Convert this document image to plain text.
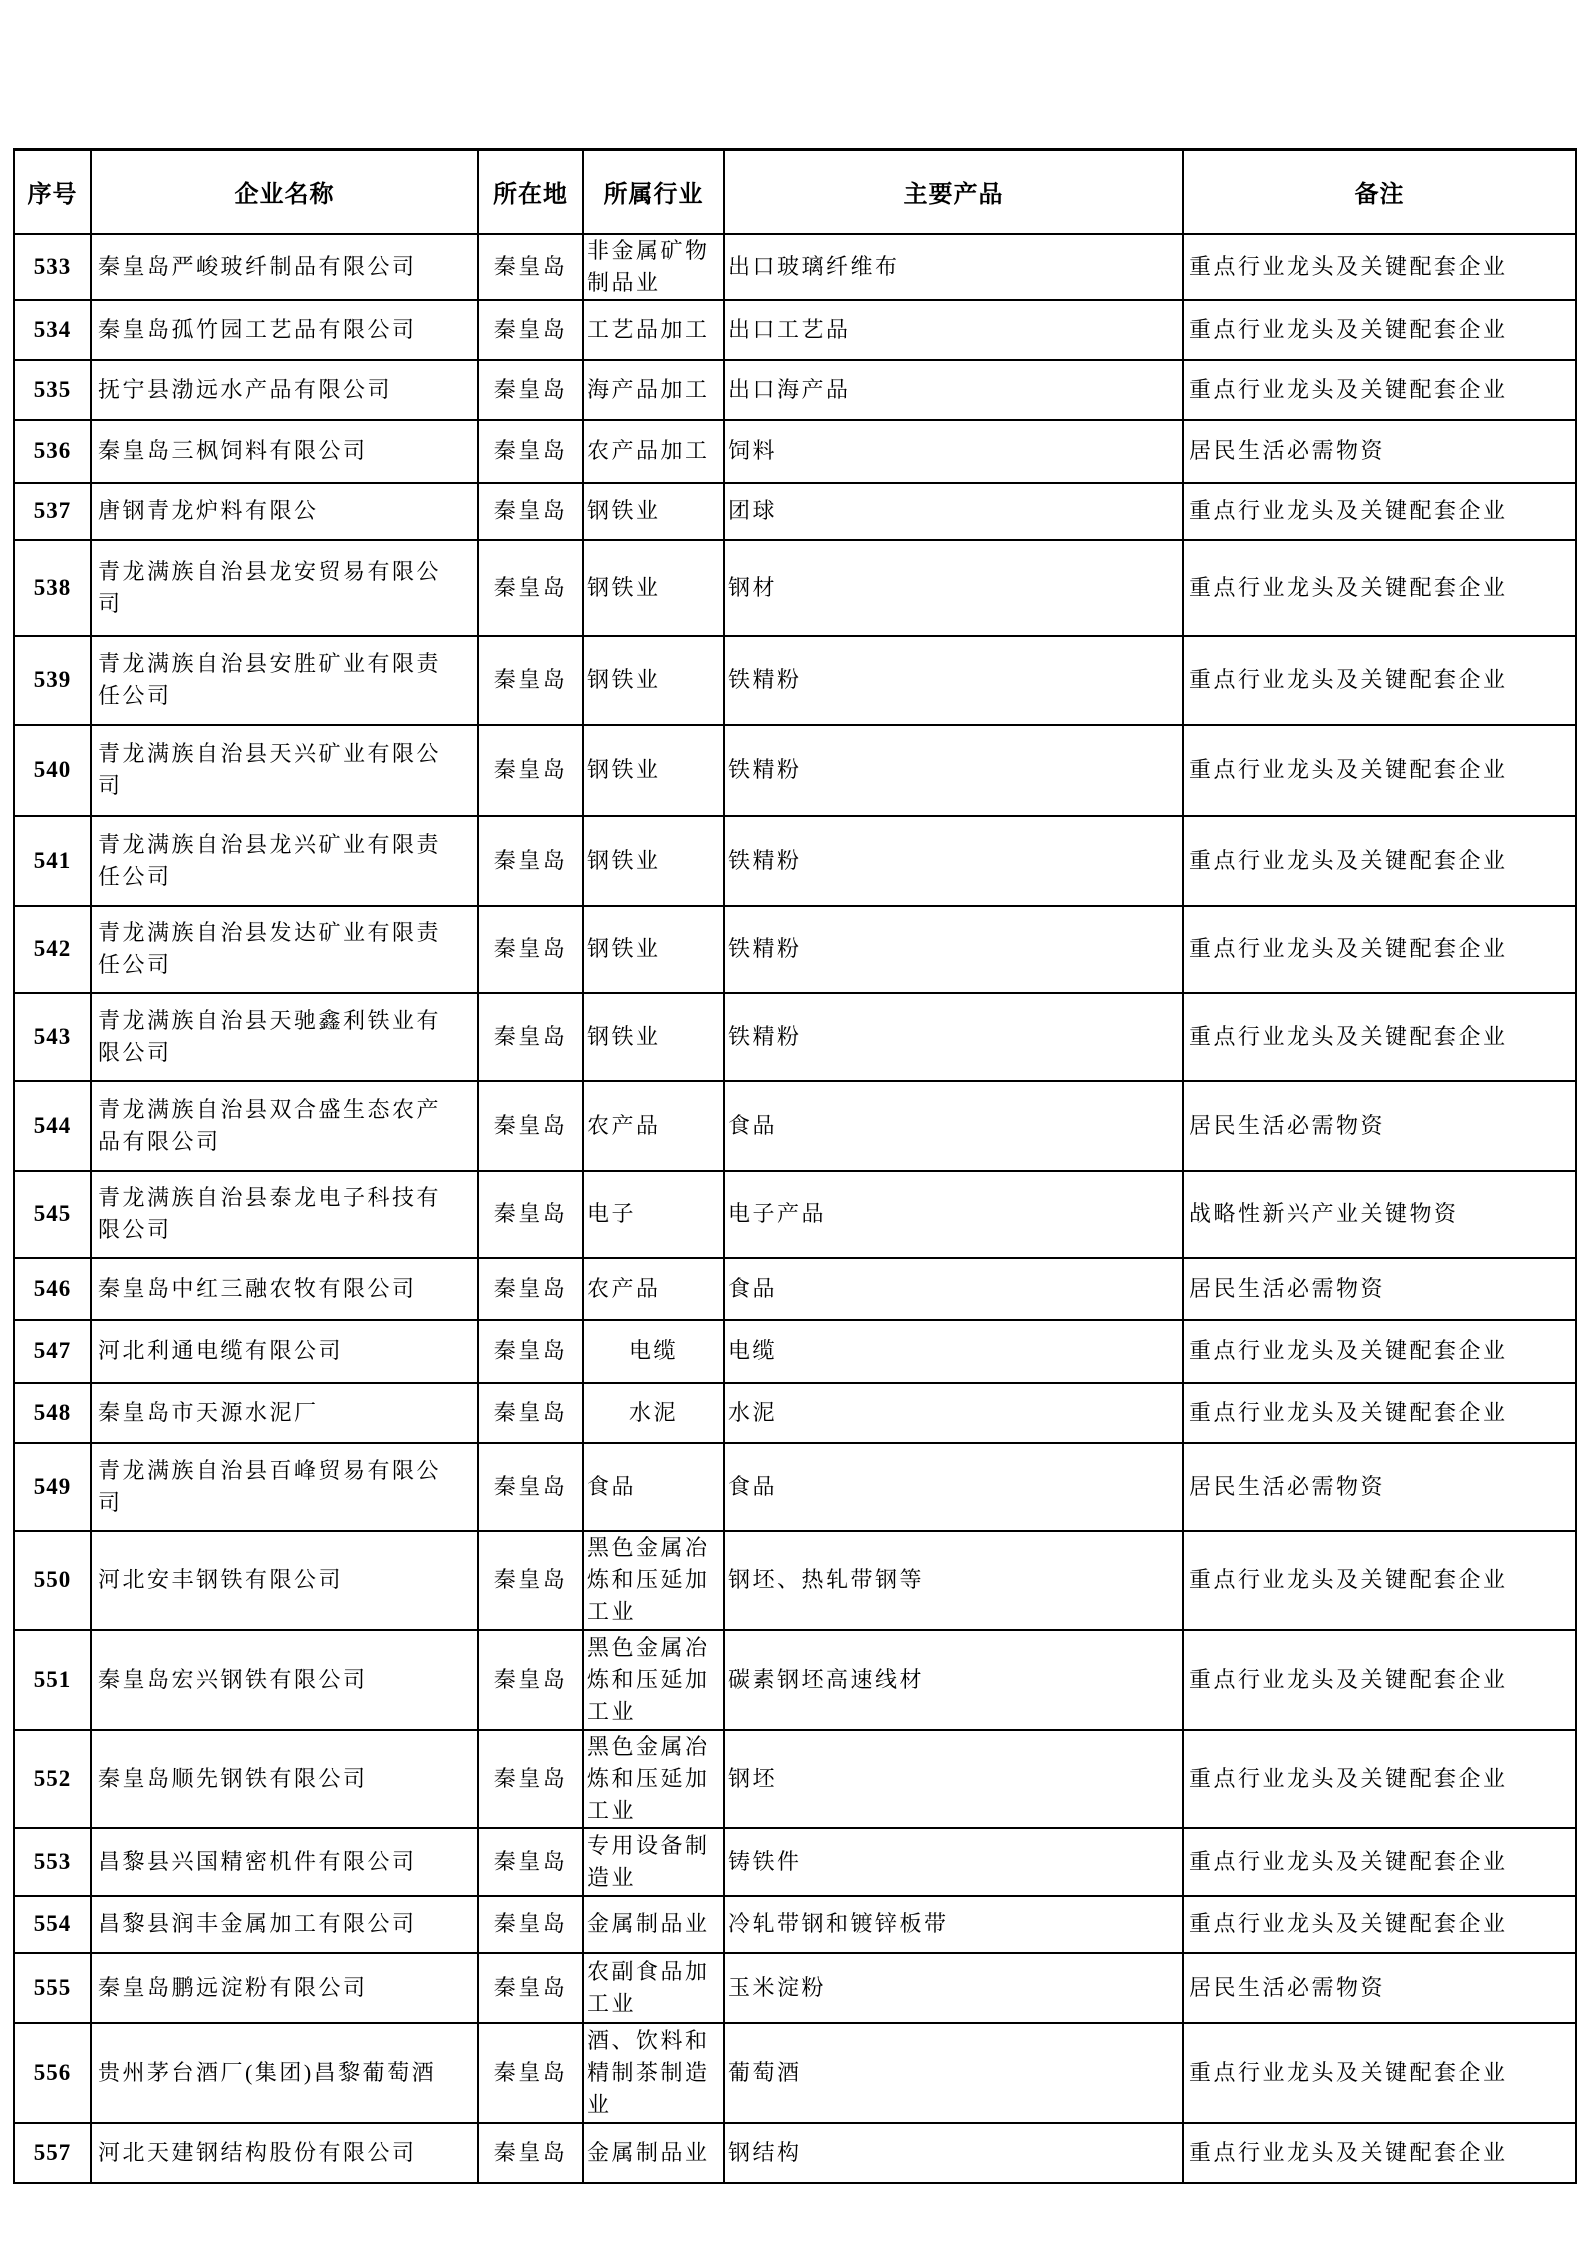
序号	企业名称	所在地	所属行业	主要产品	备注
533	秦皇岛严峻玻纤制品有限公司	秦皇岛	非金属矿物制品业	出口玻璃纤维布	重点行业龙头及关键配套企业
534	秦皇岛孤竹园工艺品有限公司	秦皇岛	工艺品加工	出口工艺品	重点行业龙头及关键配套企业
535	抚宁县渤远水产品有限公司	秦皇岛	海产品加工	出口海产品	重点行业龙头及关键配套企业
536	秦皇岛三枫饲料有限公司	秦皇岛	农产品加工	饲料	居民生活必需物资
537	唐钢青龙炉料有限公	秦皇岛	钢铁业	团球	重点行业龙头及关键配套企业
538	青龙满族自治县龙安贸易有限公司	秦皇岛	钢铁业	钢材	重点行业龙头及关键配套企业
539	青龙满族自治县安胜矿业有限责任公司	秦皇岛	钢铁业	铁精粉	重点行业龙头及关键配套企业
540	青龙满族自治县天兴矿业有限公司	秦皇岛	钢铁业	铁精粉	重点行业龙头及关键配套企业
541	青龙满族自治县龙兴矿业有限责任公司	秦皇岛	钢铁业	铁精粉	重点行业龙头及关键配套企业
542	青龙满族自治县发达矿业有限责任公司	秦皇岛	钢铁业	铁精粉	重点行业龙头及关键配套企业
543	青龙满族自治县天驰鑫利铁业有限公司	秦皇岛	钢铁业	铁精粉	重点行业龙头及关键配套企业
544	青龙满族自治县双合盛生态农产品有限公司	秦皇岛	农产品	食品	居民生活必需物资
545	青龙满族自治县泰龙电子科技有限公司	秦皇岛	电子	电子产品	战略性新兴产业关键物资
546	秦皇岛中红三融农牧有限公司	秦皇岛	农产品	食品	居民生活必需物资
547	河北利通电缆有限公司	秦皇岛	电缆	电缆	重点行业龙头及关键配套企业
548	秦皇岛市天源水泥厂	秦皇岛	水泥	水泥	重点行业龙头及关键配套企业
549	青龙满族自治县百峰贸易有限公司	秦皇岛	食品	食品	居民生活必需物资
550	河北安丰钢铁有限公司	秦皇岛	黑色金属冶炼和压延加工业	钢坯、热轧带钢等	重点行业龙头及关键配套企业
551	秦皇岛宏兴钢铁有限公司	秦皇岛	黑色金属冶炼和压延加工业	碳素钢坯高速线材	重点行业龙头及关键配套企业
552	秦皇岛顺先钢铁有限公司	秦皇岛	黑色金属冶炼和压延加工业	钢坯	重点行业龙头及关键配套企业
553	昌黎县兴国精密机件有限公司	秦皇岛	专用设备制造业	铸铁件	重点行业龙头及关键配套企业
554	昌黎县润丰金属加工有限公司	秦皇岛	金属制品业	冷轧带钢和镀锌板带	重点行业龙头及关键配套企业
555	秦皇岛鹏远淀粉有限公司	秦皇岛	农副食品加工业	玉米淀粉	居民生活必需物资
556	贵州茅台酒厂(集团)昌黎葡萄酒	秦皇岛	酒、饮料和精制茶制造业	葡萄酒	重点行业龙头及关键配套企业
557	河北天建钢结构股份有限公司	秦皇岛	金属制品业	钢结构	重点行业龙头及关键配套企业
